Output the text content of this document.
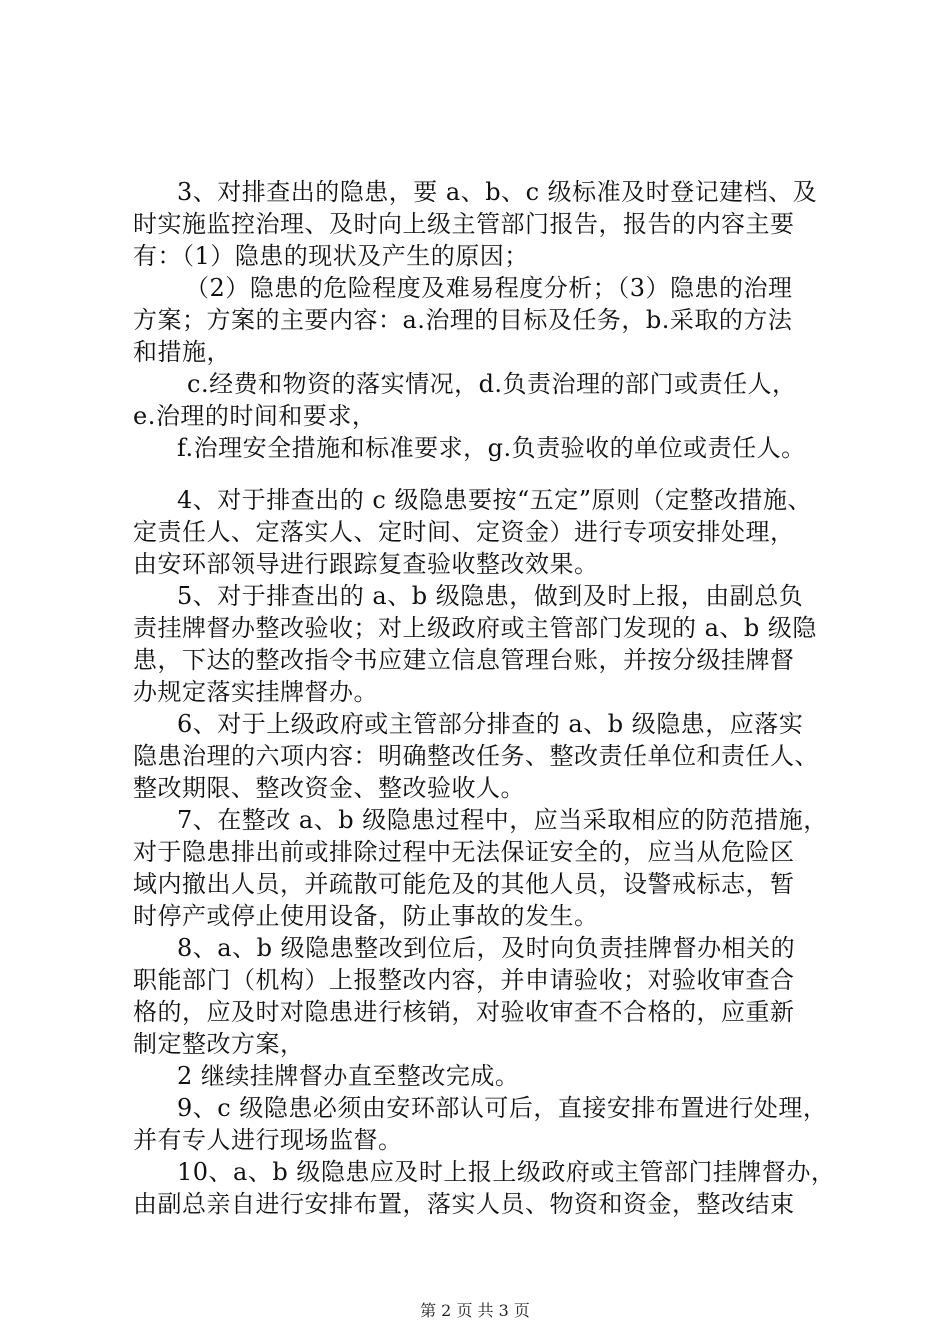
3、对排查出的隐患，要 a、b、c 级标准及时登记建档、及
时实施监控治理、及时向上级主管部门报告，报告的内容主要
有：（1）隐患的现状及产生的原因；
（2）隐患的危险程度及难易程度分析；（3）隐患的治理
方案；方案的主要内容：a.治理的目标及任务，b.采取的方法
和措施，
c.经费和物资的落实情况，d.负责治理的部门或责任人，
e.治理的时间和要求，
f.治理安全措施和标准要求，g.负责验收的单位或责任人。
4、对于排查出的 c 级隐患要按“五定”原则（定整改措施、
定责任人、定落实人、定时间、定资金）进行专项安排处理，
由安环部领导进行跟踪复查验收整改效果。
5、对于排查出的 a、b 级隐患，做到及时上报，由副总负
责挂牌督办整改验收；对上级政府或主管部门发现的 a、b 级隐
患，下达的整改指令书应建立信息管理台账，并按分级挂牌督
办规定落实挂牌督办。
6、对于上级政府或主管部分排查的 a、b 级隐患，应落实
隐患治理的六项内容：明确整改任务、整改责任单位和责任人、
整改期限、整改资金、整改验收人。
7、在整改 a、b 级隐患过程中，应当采取相应的防范措施，
对于隐患排出前或排除过程中无法保证安全的，应当从危险区
域内撤出人员，并疏散可能危及的其他人员，设警戒标志，暂
时停产或停止使用设备，防止事故的发生。
8、a、b 级隐患整改到位后，及时向负责挂牌督办相关的
职能部门（机构）上报整改内容，并申请验收；对验收审查合
格的，应及时对隐患进行核销，对验收审查不合格的，应重新
制定整改方案，
2 继续挂牌督办直至整改完成。
9、c 级隐患必须由安环部认可后，直接安排布置进行处理，
并有专人进行现场监督。
10、a、b 级隐患应及时上报上级政府或主管部门挂牌督办，
由副总亲自进行安排布置，落实人员、物资和资金，整改结束
第 2 页 共 3 页
